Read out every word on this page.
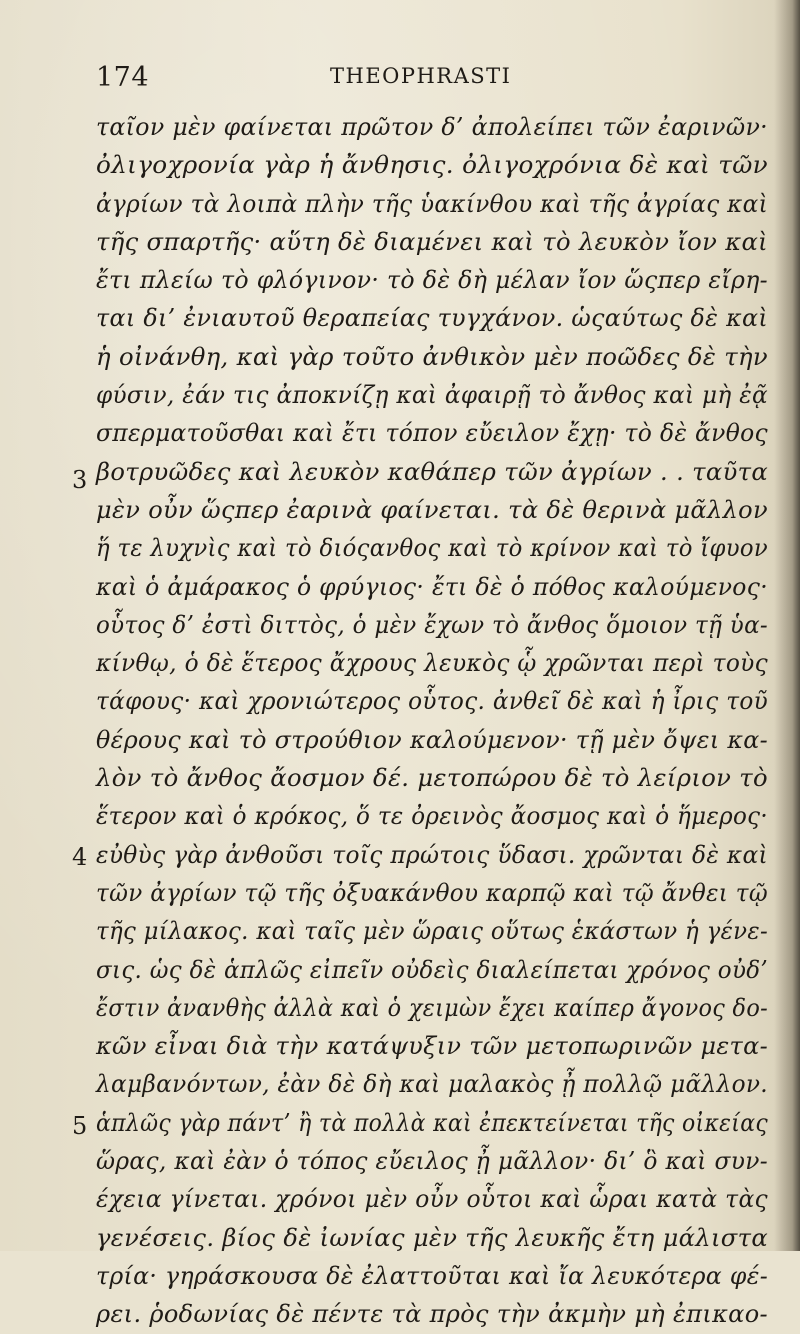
174	THEOPHRASTI
3
4
5
ταῖον μὲν φαίνεται πρῶτον δ’ ἀπολείπει τῶν ἐαρινῶν·
ὀλιγοχρονία γὰρ ἡ ἄνθησις. ὀλιγοχρόνια δὲ καὶ τῶν
ἀγρίων τὰ λοιπὰ πλὴν τῆς ὑακίνθου καὶ τῆς ἀγρίας καὶ
τῆς σπαρτῆς· αὕτη δὲ διαμένει καὶ τὸ λευκὸν ἴον καὶ
ἔτι πλείω τὸ φλόγινον· τὸ δὲ δὴ μέλαν ἴον ὥςπερ εἴρη-
ται δι’ ἐνιαυτοῦ θεραπείας τυγχάνον. ὡςαύτως δὲ καὶ
ἡ οἰνάνθη, καὶ γὰρ τοῦτο ἀνθικὸν μὲν ποῶδες δὲ τὴν
φύσιν, ἐάν τις ἀποκνίζῃ καὶ ἀφαιρῇ τὸ ἄνθος καὶ μὴ ἐᾷ
σπερματοῦσθαι καὶ ἔτι τόπον εὔειλον ἔχῃ· τὸ δὲ ἄνθος
βοτρυῶδες καὶ λευκὸν καθάπερ τῶν ἀγρίων . . ταῦτα
μὲν οὖν ὥςπερ ἐαρινὰ φαίνεται. τὰ δὲ θερινὰ μᾶλλον
ἥ τε λυχνὶς καὶ τὸ διόςανθος καὶ τὸ κρίνον καὶ τὸ ἴφυον
καὶ ὁ ἀμάρακος ὁ φρύγιος· ἔτι δὲ ὁ πόθος καλούμενος·
οὗτος δ’ ἐστὶ διττὸς, ὁ μὲν ἔχων τὸ ἄνθος ὅμοιον τῇ ὑα-
κίνθῳ, ὁ δὲ ἕτερος ἄχρους λευκὸς ᾧ χρῶνται περὶ τοὺς
τάφους· καὶ χρονιώτερος οὗτος. ἀνθεῖ δὲ καὶ ἡ ἶρις τοῦ
θέρους καὶ τὸ στρούθιον καλούμενον· τῇ μὲν ὄψει κα-
λὸν τὸ ἄνθος ἄοσμον δέ. μετοπώρου δὲ τὸ λείριον τὸ
ἕτερον καὶ ὁ κρόκος, ὅ τε ὀρεινὸς ἄοσμος καὶ ὁ ἥμερος·
εὐθὺς γὰρ ἀνθοῦσι τοῖς πρώτοις ὕδασι. χρῶνται δὲ καὶ
τῶν ἀγρίων τῷ τῆς ὀξυακάνθου καρπῷ καὶ τῷ ἄνθει τῷ
τῆς μίλακος. καὶ ταῖς μὲν ὥραις οὕτως ἑκάστων ἡ γένε-
σις. ὡς δὲ ἁπλῶς εἰπεῖν οὐδεὶς διαλείπεται χρόνος οὐδ’
ἔστιν ἀνανθὴς ἀλλὰ καὶ ὁ χειμὼν ἔχει καίπερ ἄγονος δο-
κῶν εἶναι διὰ τὴν κατάψυξιν τῶν μετοπωρινῶν μετα-
λαμβανόντων, ἐὰν δὲ δὴ καὶ μαλακὸς ᾖ πολλῷ μᾶλλον.
ἁπλῶς γὰρ πάντ’ ἢ τὰ πολλὰ καὶ ἐπεκτείνεται τῆς οἰκείας
ὥρας, καὶ ἐὰν ὁ τόπος εὔειλος ᾖ μᾶλλον· δι’ ὃ καὶ συν-
έχεια γίνεται. χρόνοι μὲν οὖν οὗτοι καὶ ὧραι κατὰ τὰς
γενέσεις. βίος δὲ ἰωνίας μὲν τῆς λευκῆς ἔτη μάλιστα
τρία· γηράσκουσα δὲ ἐλαττοῦται καὶ ἴα λευκότερα φέ-
ρει. ῥοδωνίας δὲ πέντε τὰ πρὸς τὴν ἀκμὴν μὴ ἐπικαο-
